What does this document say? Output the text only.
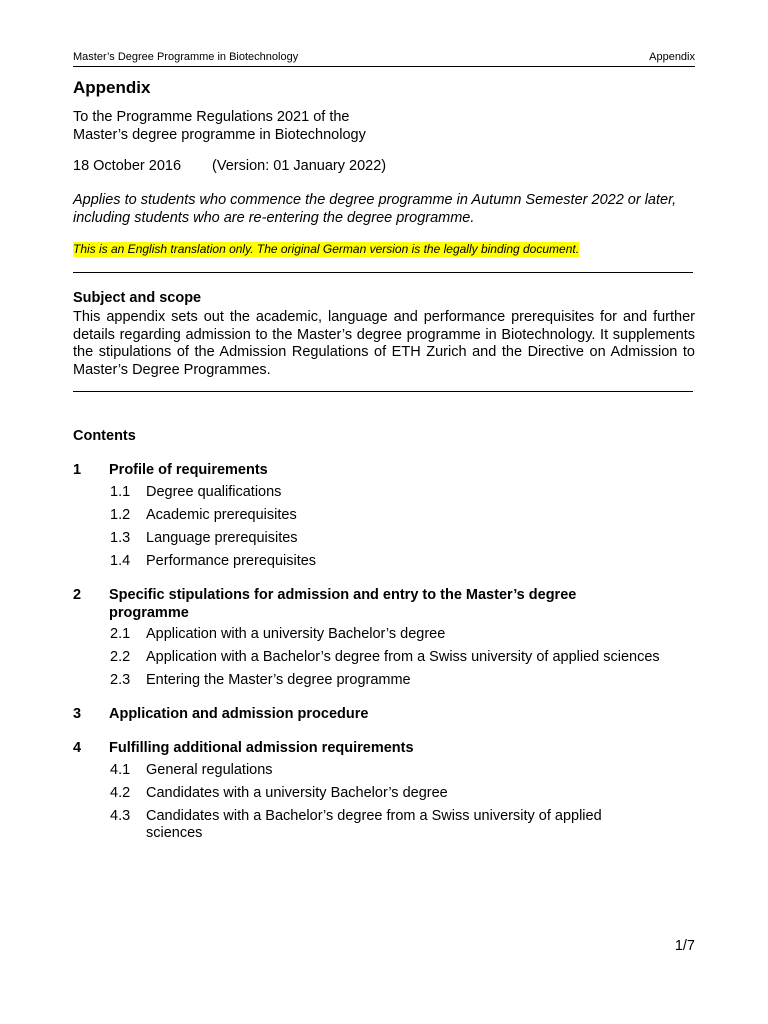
Master’s Degree Programme in Biotechnology	Appendix
Appendix
To the Programme Regulations 2021 of the
Master’s degree programme in Biotechnology
18 October 2016 (Version: 01 January 2022)
Applies to students who commence the degree programme in Autumn Semester 2022 or later, including students who are re-entering the degree programme.
This is an English translation only. The original German version is the legally binding document.
Subject and scope
This appendix sets out the academic, language and performance prerequisites for and further details regarding admission to the Master’s degree programme in Biotechnology. It supplements the stipulations of the Admission Regulations of ETH Zurich and the Directive on Admission to Master’s Degree Programmes.
Contents
1 Profile of requirements
1.1 Degree qualifications
1.2 Academic prerequisites
1.3 Language prerequisites
1.4 Performance prerequisites
2 Specific stipulations for admission and entry to the Master’s degree programme
2.1 Application with a university Bachelor’s degree
2.2 Application with a Bachelor’s degree from a Swiss university of applied sciences
2.3 Entering the Master’s degree programme
3 Application and admission procedure
4 Fulfilling additional admission requirements
4.1 General regulations
4.2 Candidates with a university Bachelor’s degree
4.3 Candidates with a Bachelor’s degree from a Swiss university of applied sciences
1/7
